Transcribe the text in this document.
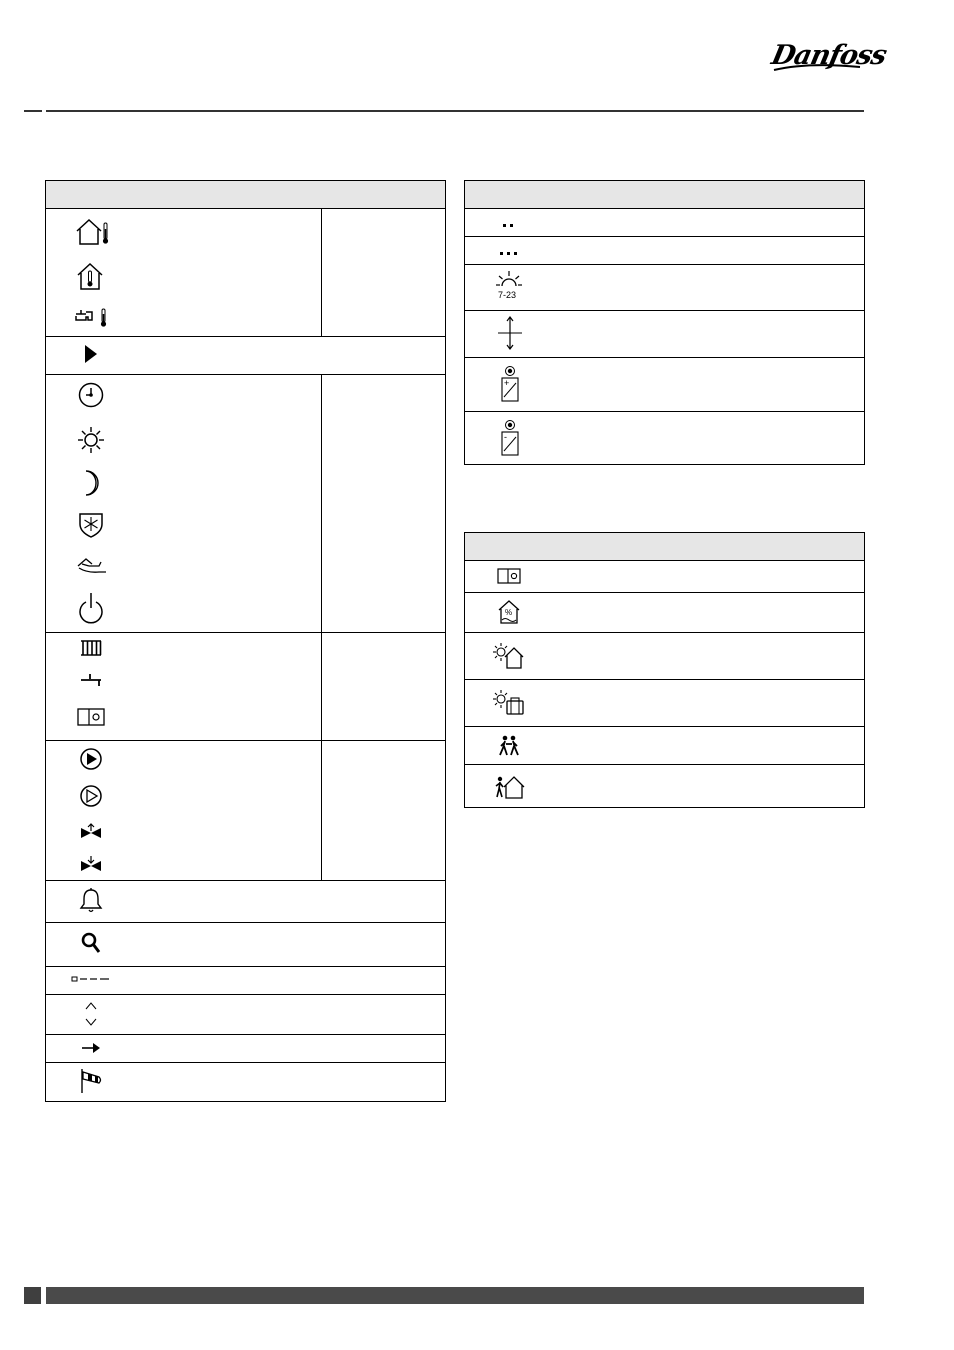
Danfoss
7-23
+
-
%
